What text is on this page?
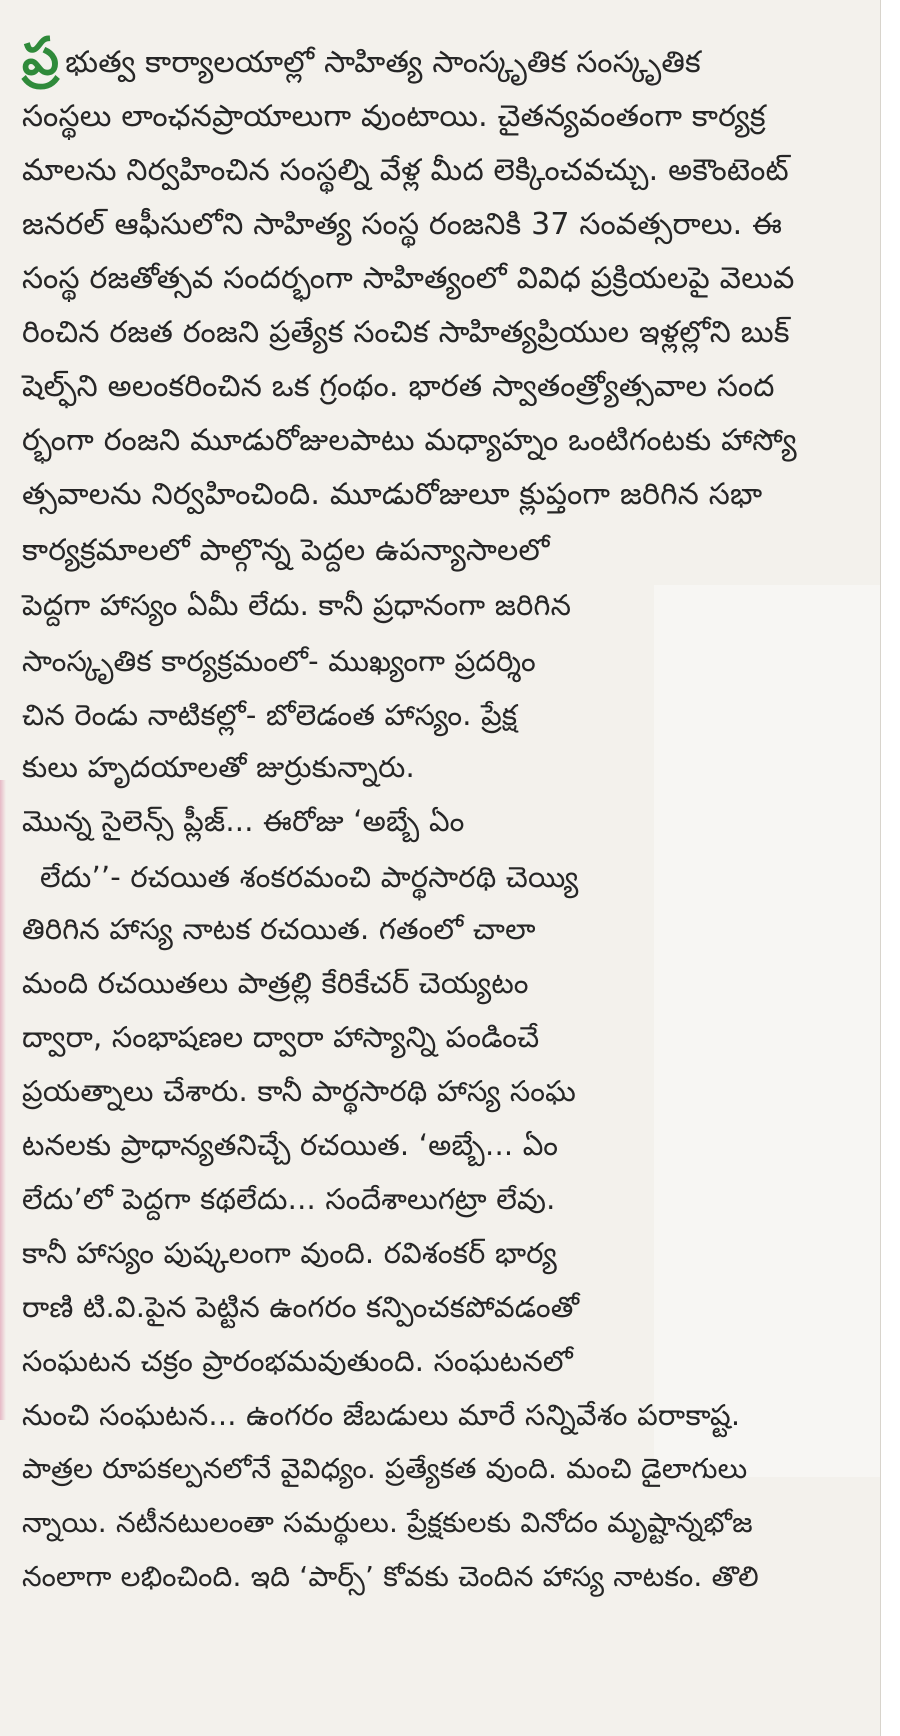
ప్ర భుత్వ కార్యాలయాల్లో సాహిత్య సాంస్కృతిక సంస్కృతిక
సంస్థలు లాంఛనప్రాయాలుగా వుంటాయి. చైతన్యవంతంగా కార్యక్ర
మాలను నిర్వహించిన సంస్థల్ని వేళ్ల మీద లెక్కించవచ్చు. అకౌంటెంట్
జనరల్ ఆఫీసులోని సాహిత్య సంస్థ రంజనికి 37 సంవత్సరాలు. ఈ
సంస్థ రజతోత్సవ సందర్భంగా సాహిత్యంలో వివిధ ప్రక్రియలపై వెలువ
రించిన రజత రంజని ప్రత్యేక సంచిక సాహిత్యప్రియుల ఇళ్లల్లోని బుక్
షెల్ఫ్‌ని అలంకరించిన ఒక గ్రంథం. భారత స్వాతంత్ర్యోత్సవాల సంద
ర్భంగా రంజని మూడురోజులపాటు మధ్యాహ్నం ఒంటిగంటకు హాస్యో
త్సవాలను నిర్వహించింది. మూడురోజులూ క్లుప్తంగా జరిగిన సభా
కార్యక్రమాలలో పాల్గొన్న పెద్దల ఉపన్యాసాలలో
పెద్దగా హాస్యం ఏమీ లేదు. కానీ ప్రధానంగా జరిగిన
సాంస్కృతిక కార్యక్రమంలో- ముఖ్యంగా ప్రదర్శిం
చిన రెండు నాటికల్లో- బోలెడంత హాస్యం. ప్రేక్ష
కులు హృదయాలతో జుర్రుకున్నారు.
మొన్న సైలెన్స్ ప్లీజ్... ఈరోజు ‘అబ్బే ఏం
లేదు’’- రచయిత శంకరమంచి పార్థసారథి చెయ్యి
తిరిగిన హాస్య నాటక రచయిత. గతంలో చాలా
మంది రచయితలు పాత్రల్లి కేరికేచర్ చెయ్యటం
ద్వారా, సంభాషణల ద్వారా హాస్యాన్ని పండించే
ప్రయత్నాలు చేశారు. కానీ పార్థసారథి హాస్య సంఘ
టనలకు ప్రాధాన్యతనిచ్చే రచయిత. ‘అబ్బే... ఏం
లేదు’లో పెద్దగా కథలేదు... సందేశాలుగట్రా లేవు.
కానీ హాస్యం పుష్కలంగా వుంది. రవిశంకర్ భార్య
రాణి టి.వి.పైన పెట్టిన ఉంగరం కన్పించకపోవడంతో
సంఘటన చక్రం ప్రారంభమవుతుంది. సంఘటనలో
నుంచి సంఘటన... ఉంగరం జేబడులు మారే సన్నివేశం పరాకాష్ట.
పాత్రల రూపకల్పనలోనే వైవిధ్యం. ప్రత్యేకత వుంది. మంచి డైలాగులు
న్నాయి. నటీనటులంతా సమర్థులు. ప్రేక్షకులకు వినోదం మృష్టాన్నభోజ
నంలాగా లభించింది. ఇది ‘పార్స్’ కోవకు చెందిన హాస్య నాటకం. తొలి
